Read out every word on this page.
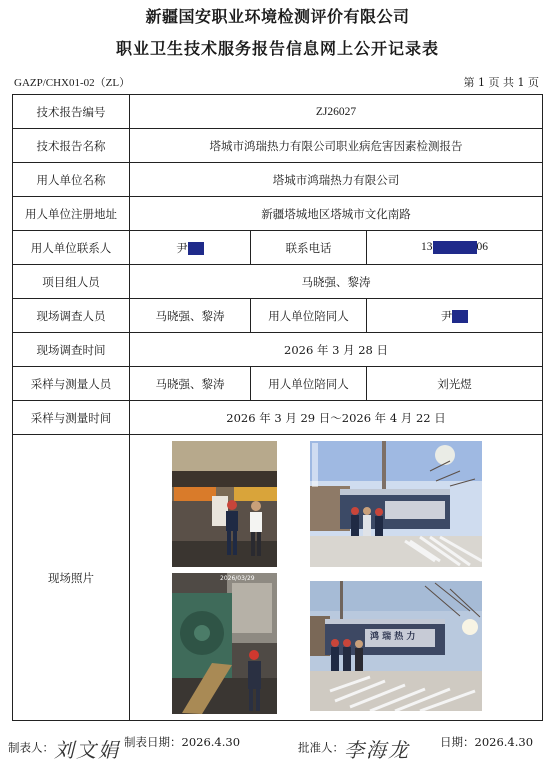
新疆国安职业环境检测评价有限公司
职业卫生技术服务报告信息网上公开记录表
GAZP/CHX01-02（ZL）	第 1 页 共 1 页
技术报告编号	ZJ26027		
技术报告名称	塔城市鸿瑞热力有限公司职业病危害因素检测报告		
用人单位名称	塔城市鸿瑞热力有限公司		
用人单位注册地址	新疆塔城地区塔城市文化南路		
用人单位联系人	尹	联系电话	13 06
项目组人员	马晓强、黎涛		
现场调查人员	马晓强、黎涛	用人单位陪同人	尹
现场调查时间	2026 年 3 月 28 日		
采样与测量人员	马晓强、黎涛	用人单位陪同人	刘光煜
采样与测量时间	2026 年 3 月 29 日～2026 年 4 月 22 日		
现场照片	2026/03/29
鸿 瑞 热 力		
制表人：刘文娟 制表日期：2026.4.30	批准人：李海龙	日期：2026.4.30
